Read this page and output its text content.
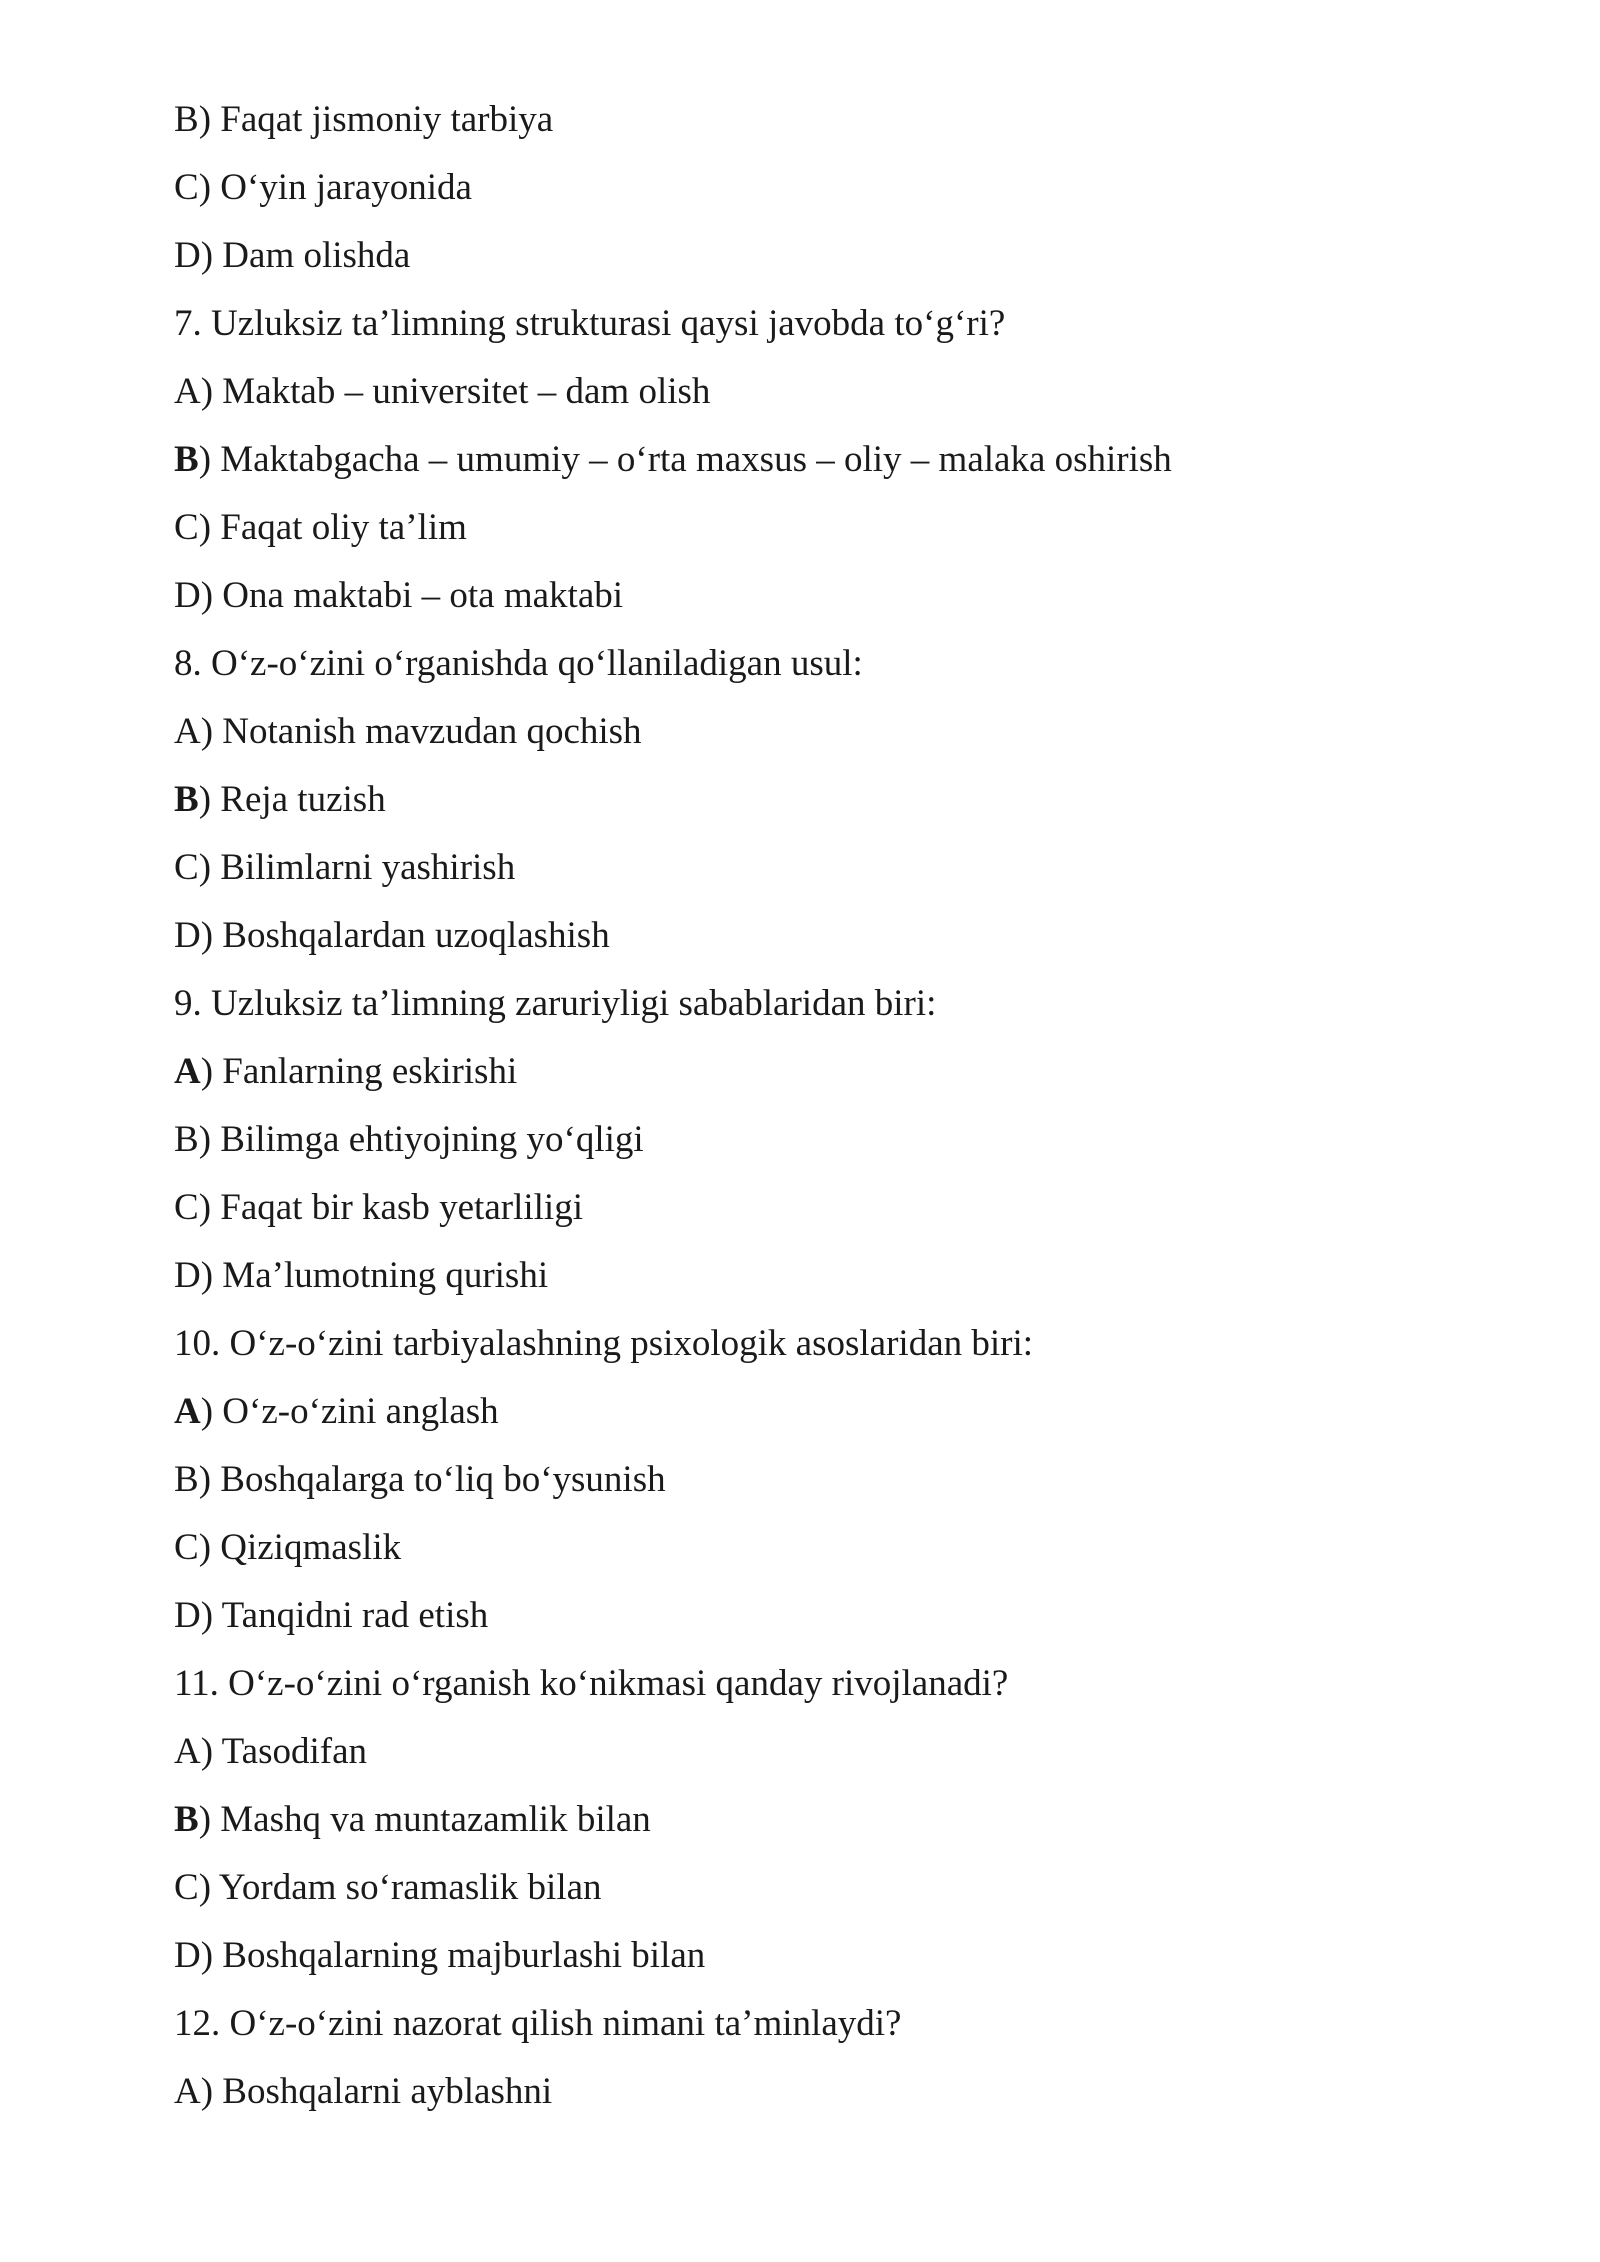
B) Faqat jismoniy tarbiya
C) O‘yin jarayonida
D) Dam olishda
7. Uzluksiz ta’limning strukturasi qaysi javobda to‘g‘ri?
A) Maktab – universitet – dam olish
B) Maktabgacha – umumiy – o‘rta maxsus – oliy – malaka oshirish
C) Faqat oliy ta’lim
D) Ona maktabi – ota maktabi
8. O‘z-o‘zini o‘rganishda qo‘llaniladigan usul:
A) Notanish mavzudan qochish
B) Reja tuzish
C) Bilimlarni yashirish
D) Boshqalardan uzoqlashish
9. Uzluksiz ta’limning zaruriyligi sabablaridan biri:
A) Fanlarning eskirishi
B) Bilimga ehtiyojning yo‘qligi
C) Faqat bir kasb yetarliligi
D) Ma’lumotning qurishi
10. O‘z-o‘zini tarbiyalashning psixologik asoslaridan biri:
A) O‘z-o‘zini anglash
B) Boshqalarga to‘liq bo‘ysunish
C) Qiziqmaslik
D) Tanqidni rad etish
11. O‘z-o‘zini o‘rganish ko‘nikmasi qanday rivojlanadi?
A) Tasodifan
B) Mashq va muntazamlik bilan
C) Yordam so‘ramaslik bilan
D) Boshqalarning majburlashi bilan
12. O‘z-o‘zini nazorat qilish nimani ta’minlaydi?
A) Boshqalarni ayblashni
